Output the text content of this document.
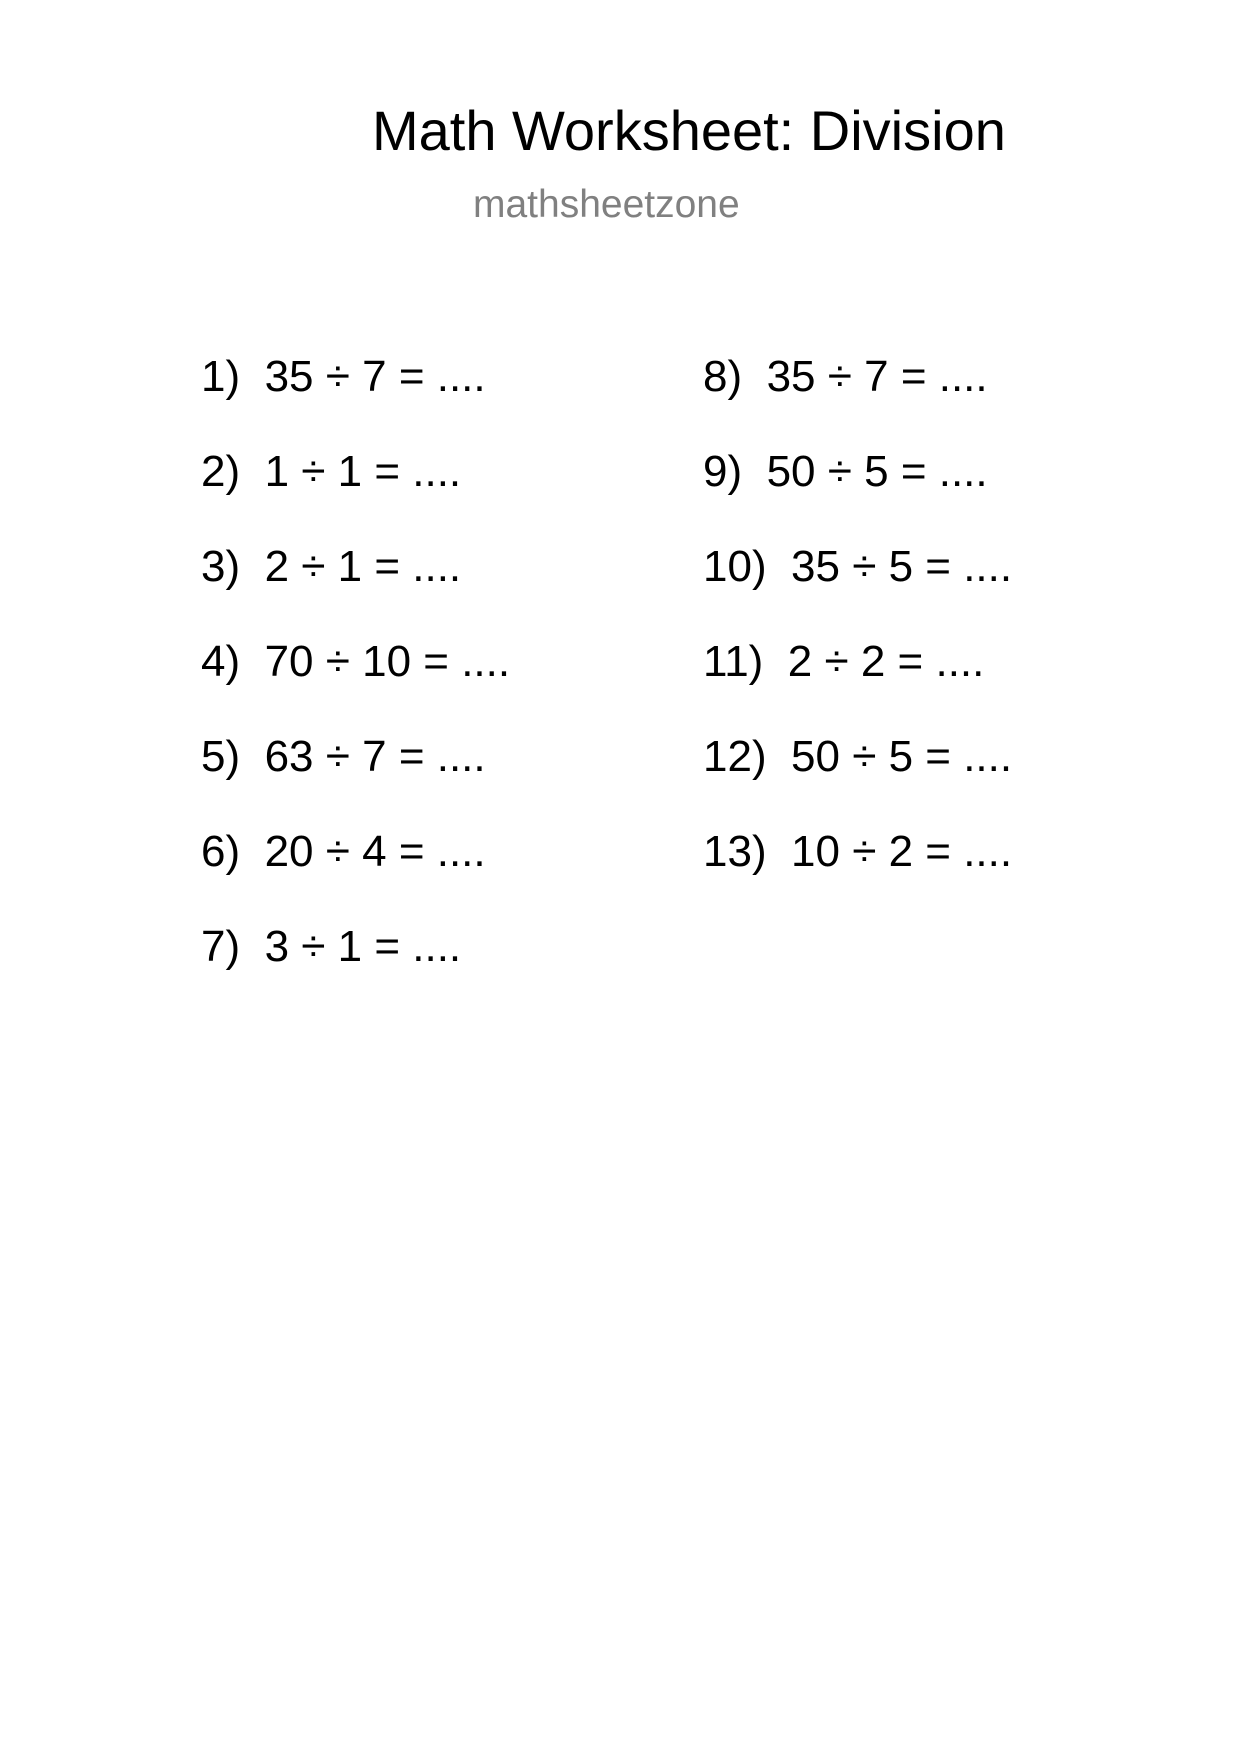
Math Worksheet: Division
mathsheetzone
1) 35 ÷ 7 = ....
2) 1 ÷ 1 = ....
3) 2 ÷ 1 = ....
4) 70 ÷ 10 = ....
5) 63 ÷ 7 = ....
6) 20 ÷ 4 = ....
7) 3 ÷ 1 = ....
8) 35 ÷ 7 = ....
9) 50 ÷ 5 = ....
10) 35 ÷ 5 = ....
11) 2 ÷ 2 = ....
12) 50 ÷ 5 = ....
13) 10 ÷ 2 = ....
